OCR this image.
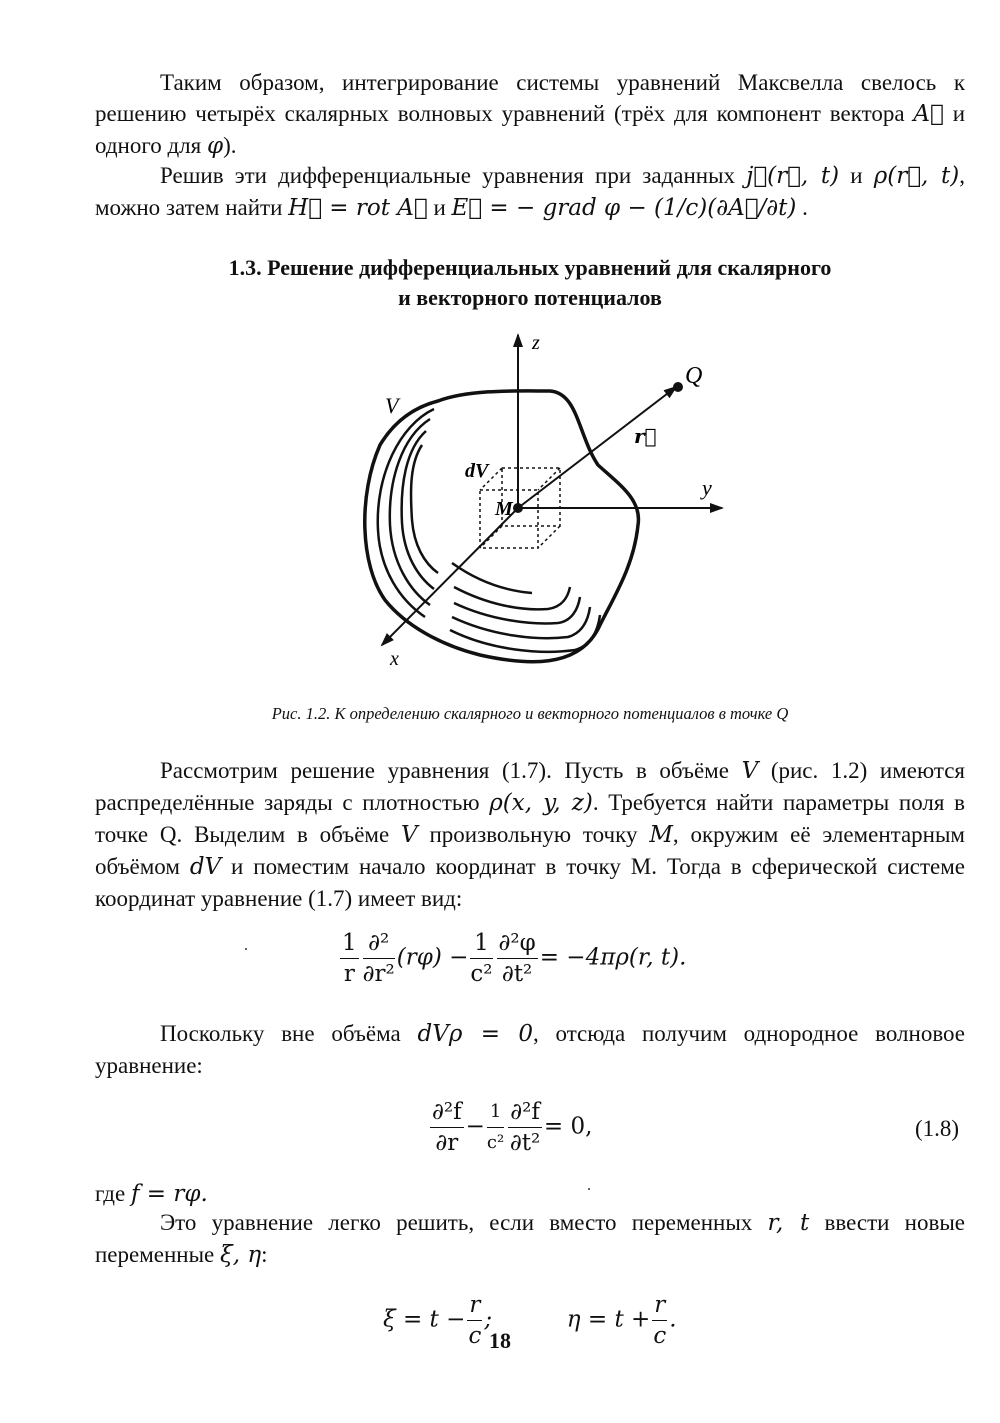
Таким образом, интегрирование системы уравнений Максвелла свелось к решению четырёх скалярных волновых уравнений (трёх для компонент вектора A⃗ и одного для φ).

Решив эти дифференциальные уравнения при заданных j⃗(r⃗, t) и ρ(r⃗, t), можно затем найти H⃗ = rot A⃗ и E⃗ = − grad φ − (1/c)(∂A⃗/∂t) .

1.3. Решение дифференциальных уравнений для скалярного
и векторного потенциалов
z
y
x
Q
r⃗
V
dV
M
Рис. 1.2. К определению скалярного и векторного потенциалов в точке Q

Рассмотрим решение уравнения (1.7). Пусть в объёме V (рис. 1.2) имеются распределённые заряды с плотностью ρ(x, y, z). Требуется найти параметры поля в точке Q. Выделим в объёме V произвольную точку M, окружим её элементарным объёмом dV и поместим начало координат в точку M. Тогда в сферической системе координат уравнение (1.7) имеет вид:

$\frac{1}{r} \frac{\text{∂²}}{\text{∂r²}} (r\varphi) - \frac{1}{\text{c²}} \frac{\text{∂²φ}}{\text{∂t²}} = -4\pi\rho(r$, t).

Поскольку вне объёма dVρ = 0, отсюда получим однородное волновое уравнение:

$\frac{\text{∂²f}}{\partial r} - \frac{1}{\text{c²}} \frac{\text{∂²f}}{\text{∂t²}} = 0$,	(1.8)

где f = rφ.

Это уравнение легко решить, если вместо переменных r, t ввести новые переменные ξ, η:

$\xi = t - \frac{r}{c}$ ;	$\eta = t + \frac{r}{c}$ .
18
